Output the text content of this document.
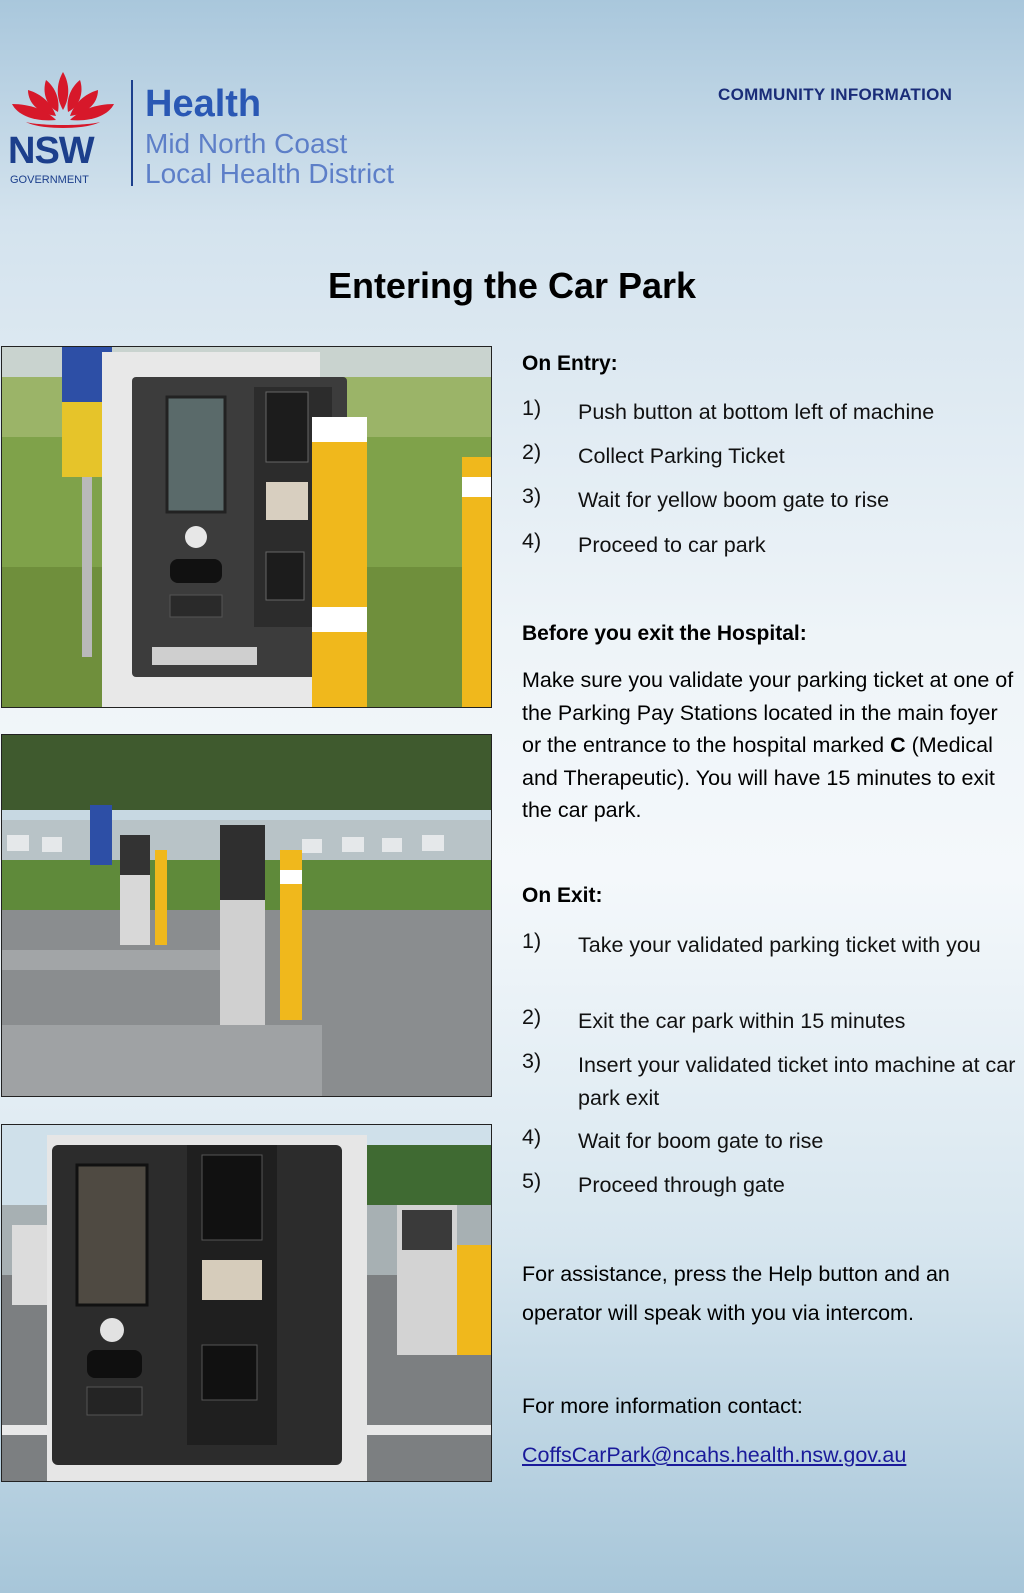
NSW
GOVERNMENT
Health
Mid North Coast
Local Health District
COMMUNITY INFORMATION
Entering the Car Park
On Entry:
1) Push button at bottom left of machine
2) Collect Parking Ticket
3) Wait for yellow boom gate to rise
4) Proceed to car park
Before you exit the Hospital:
Make sure you validate your parking ticket at one of the Parking Pay Stations located in the main foyer or the entrance to the hospital marked C (Medical and Therapeutic). You will have 15 minutes to exit the car park.
On Exit:
1) Take your validated parking ticket with you
2) Exit the car park within 15 minutes
3) Insert your validated ticket into machine at car park exit
4) Wait for boom gate to rise
5) Proceed through gate
For assistance, press the Help button and an operator will speak with you via intercom.
For more information contact:
CoffsCarPark@ncahs.health.nsw.gov.au
